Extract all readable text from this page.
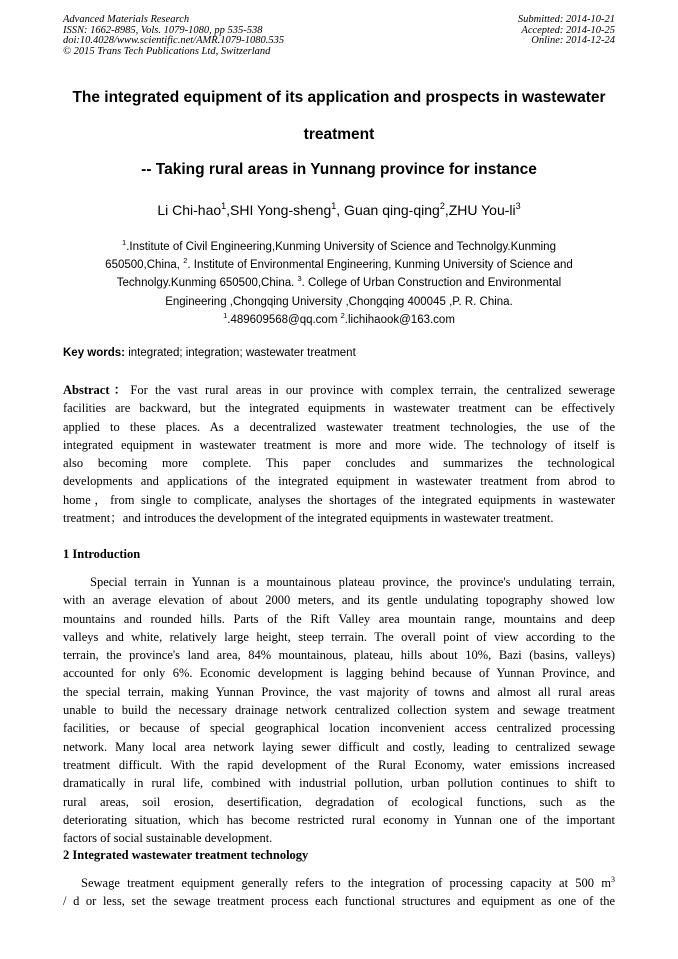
Advanced Materials Research
ISSN: 1662-8985, Vols. 1079-1080, pp 535-538
doi:10.4028/www.scientific.net/AMR.1079-1080.535
© 2015 Trans Tech Publications Ltd, Switzerland
Submitted: 2014-10-21
Accepted: 2014-10-25
Online: 2014-12-24
The integrated equipment of its application and prospects in wastewater
treatment
-- Taking rural areas in Yunnang province for instance
Li Chi-hao$^1$,SHI Yong-sheng$^1$, Guan qing-qing$^2$,ZHU You-$li^3$
$^1$.Institute of Civil Engineering,Kunming University of Science and Technolgy.Kunming
650500,China, $^2$. Institute of Environmental Engineering, Kunming University of Science and
Technolgy.Kunming 650500,China. $^3$. College of Urban Construction and Environmental
Engineering ,Chongqing University ,Chongqing 400045 ,P. R. China.
$^1$.489609568@qq.com $^2$.lichihaook@163.com
Key words: integrated; integration; wastewater treatment
Abstract：For the vast rural areas in our province with complex terrain, the centralized sewerage
facilities are backward, but the integrated equipments in wastewater treatment can be effectively
applied to these places. As a decentralized wastewater treatment technologies, the use of the
integrated equipment in wastewater treatment is more and more wide. The technology of itself is
also becoming more complete. This paper concludes and summarizes the technological
developments and applications of the integrated equipment in wastewater treatment from abrod to
home，from single to complicate, analyses the shortages of the integrated equipments in wastewater
treatment；and introduces the development of the integrated equipments in wastewater treatment.
1 Introduction
Special terrain in Yunnan is a mountainous plateau province, the province's undulating terrain,
with an average elevation of about 2000 meters, and its gentle undulating topography showed low
mountains and rounded hills. Parts of the Rift Valley area mountain range, mountains and deep
valleys and white, relatively large height, steep terrain. The overall point of view according to the
terrain, the province's land area, 84% mountainous, plateau, hills about 10%, Bazi (basins, valleys)
accounted for only 6%. Economic development is lagging behind because of Yunnan Province, and
the special terrain, making Yunnan Province, the vast majority of towns and almost all rural areas
unable to build the necessary drainage network centralized collection system and sewage treatment
facilities, or because of special geographical location inconvenient access centralized processing
network. Many local area network laying sewer difficult and costly, leading to centralized sewage
treatment difficult. With the rapid development of the Rural Economy, water emissions increased
dramatically in rural life, combined with industrial pollution, urban pollution continues to shift to
rural areas, soil erosion, desertification, degradation of ecological functions, such as the
deteriorating situation, which has become restricted rural economy in Yunnan one of the important
factors of social sustainable development.
2 Integrated wastewater treatment technology
Sewage treatment equipment generally refers to the integration of processing capacity at 500 $m^3$
/ d or less, set the sewage treatment process each functional structures and equipment as one of the
